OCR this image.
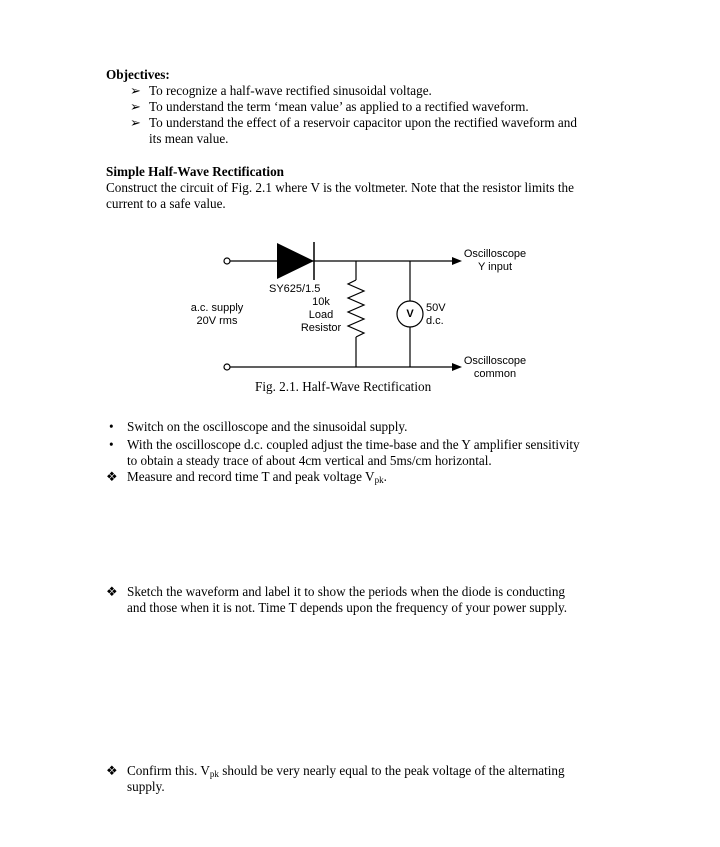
Objectives:
➢ To recognize a half-wave rectified sinusoidal voltage.
➢ To understand the term ‘mean value’ as applied to a rectified waveform.
➢ To understand the effect of a reservoir capacitor upon the rectified waveform and
its mean value.
Simple Half-Wave Rectification
Construct the circuit of Fig. 2.1 where V is the voltmeter. Note that the resistor limits the
current to a safe value.
SY625/1.5
a.c. supply
20V rms
10k
Load
Resistor
V 50V
d.c.
Oscilloscope
Y input
Oscilloscope
common
Fig. 2.1. Half-Wave Rectification
• Switch on the oscilloscope and the sinusoidal supply.
• With the oscilloscope d.c. coupled adjust the time-base and the Y amplifier sensitivity
to obtain a steady trace of about 4cm vertical and 5ms/cm horizontal.
❖ Measure and record time T and peak voltage $V_{pk}$.
❖ Sketch the waveform and label it to show the periods when the diode is conducting
and those when it is not. Time T depends upon the frequency of your power supply.
❖ Confirm this. $V_{pk}$ should be very nearly equal to the peak voltage of the alternating
supply.
